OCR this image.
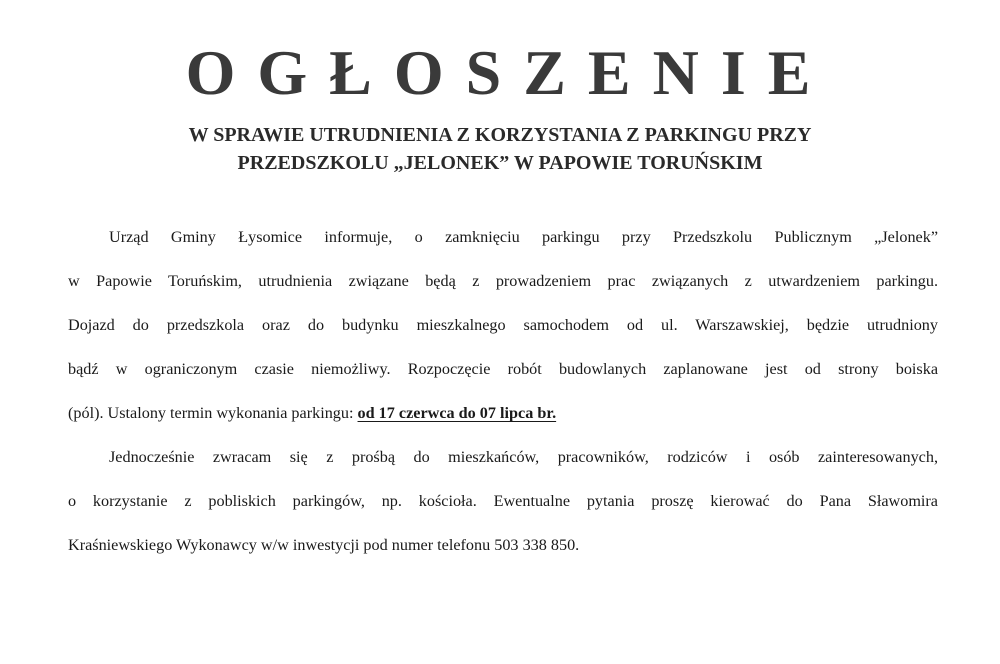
OGŁOSZENIE
W SPRAWIE UTRUDNIENIA Z KORZYSTANIA Z PARKINGU PRZY
PRZEDSZKOLU „JELONEK” W PAPOWIE TORUŃSKIM
Urząd Gminy Łysomice informuje, o zamknięciu parkingu przy Przedszkolu Publicznym „Jelonek”
w Papowie Toruńskim, utrudnienia związane będą z prowadzeniem prac związanych z utwardzeniem parkingu.
Dojazd do przedszkola oraz do budynku mieszkalnego samochodem od ul. Warszawskiej, będzie utrudniony
bądź w ograniczonym czasie niemożliwy. Rozpoczęcie robót budowlanych zaplanowane jest od strony boiska
(pól). Ustalony termin wykonania parkingu: od 17 czerwca do 07 lipca br.
Jednocześnie zwracam się z prośbą do mieszkańców, pracowników, rodziców i osób zainteresowanych,
o korzystanie z pobliskich parkingów, np. kościoła. Ewentualne pytania proszę kierować do Pana Sławomira
Kraśniewskiego Wykonawcy w/w inwestycji pod numer telefonu 503 338 850.
